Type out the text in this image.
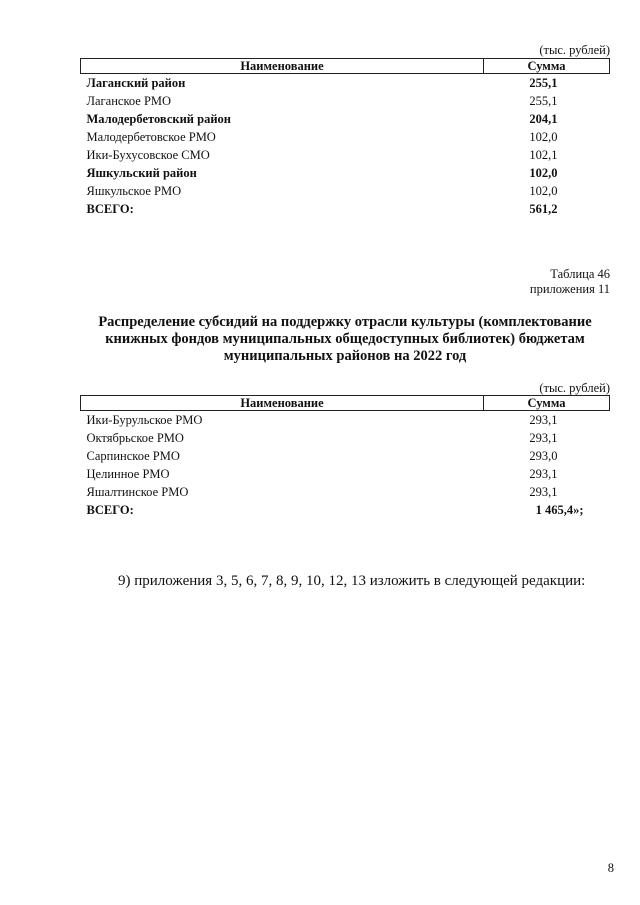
(тыс. рублей)
Наименование	Сумма
Лаганский район	255,1
Лаганское РМО	255,1
Малодербетовский район	204,1
Малодербетовское РМО	102,0
Ики-Бухусовское СМО	102,1
Яшкульский район	102,0
Яшкульское РМО	102,0
ВСЕГО:	561,2
Таблица 46
приложения 11
Распределение субсидий на поддержку отрасли культуры (комплектование
книжных фондов муниципальных общедоступных библиотек) бюджетам
муниципальных районов на 2022 год
(тыс. рублей)
Наименование	Сумма
Ики-Бурульское РМО	293,1
Октябрьское РМО	293,1
Сарпинское РМО	293,0
Целинное РМО	293,1
Яшалтинское РМО	293,1
ВСЕГО:	1 465,4»;
9) приложения 3, 5, 6, 7, 8, 9, 10, 12, 13 изложить в следующей редакции:
8
